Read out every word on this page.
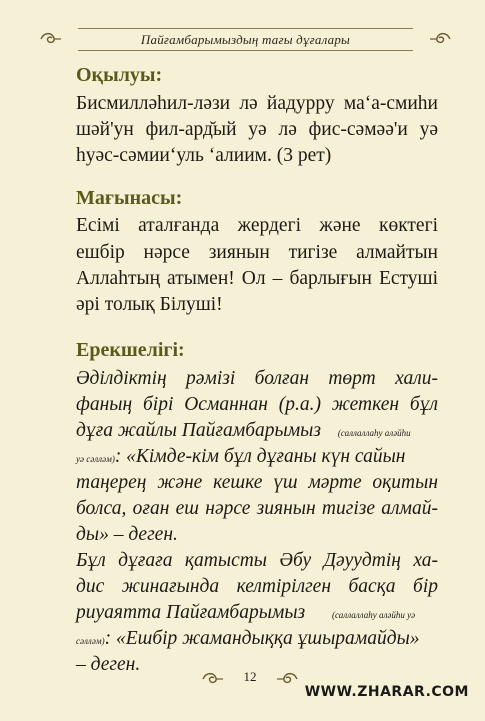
Пайғамбарымыздың тағы дұғалары
Оқылуы:
Бисмилләһил-ләзи лә йадурру ма‘а-смиһи
шәй'ун фил-ард̆ый уә лә фис-сәмәә'и уә
һуәс-сәмии‘уль ‘алиим. (3 рет)
Мағынасы:
Есімі аталғанда жердегі және көктегі
ешбір нәрсе зиянын тигізе алмайтын
Аллаһтың атымен! Ол – барлығын Естуші
әрі толық Білуші!
Ерекшелігі:
Әділдіктің рәмізі болған төрт хали-
фаның бірі Османнан (р.а.) жеткен бұл
дұға жайлы Пайғамбарымыз (саллаллаһу аләйһи
уә сәлләм): «Кімде-кім бұл дұғаны күн сайын
таңерең және кешке үш мәрте оқитын
болса, оған еш нәрсе зиянын тигізе алмай-
ды» – деген.
Бұл дұғаға қатысты Әбу Дәуудтің ха-
дис жинағында келтірілген басқа бір
риуаятта Пайғамбарымыз	(саллаллаһу аләйһи уә
сәлләм): «Ешбір жамандыққа ұшырамайды»
– деген.
12
WWW.ZHARAR.COM
